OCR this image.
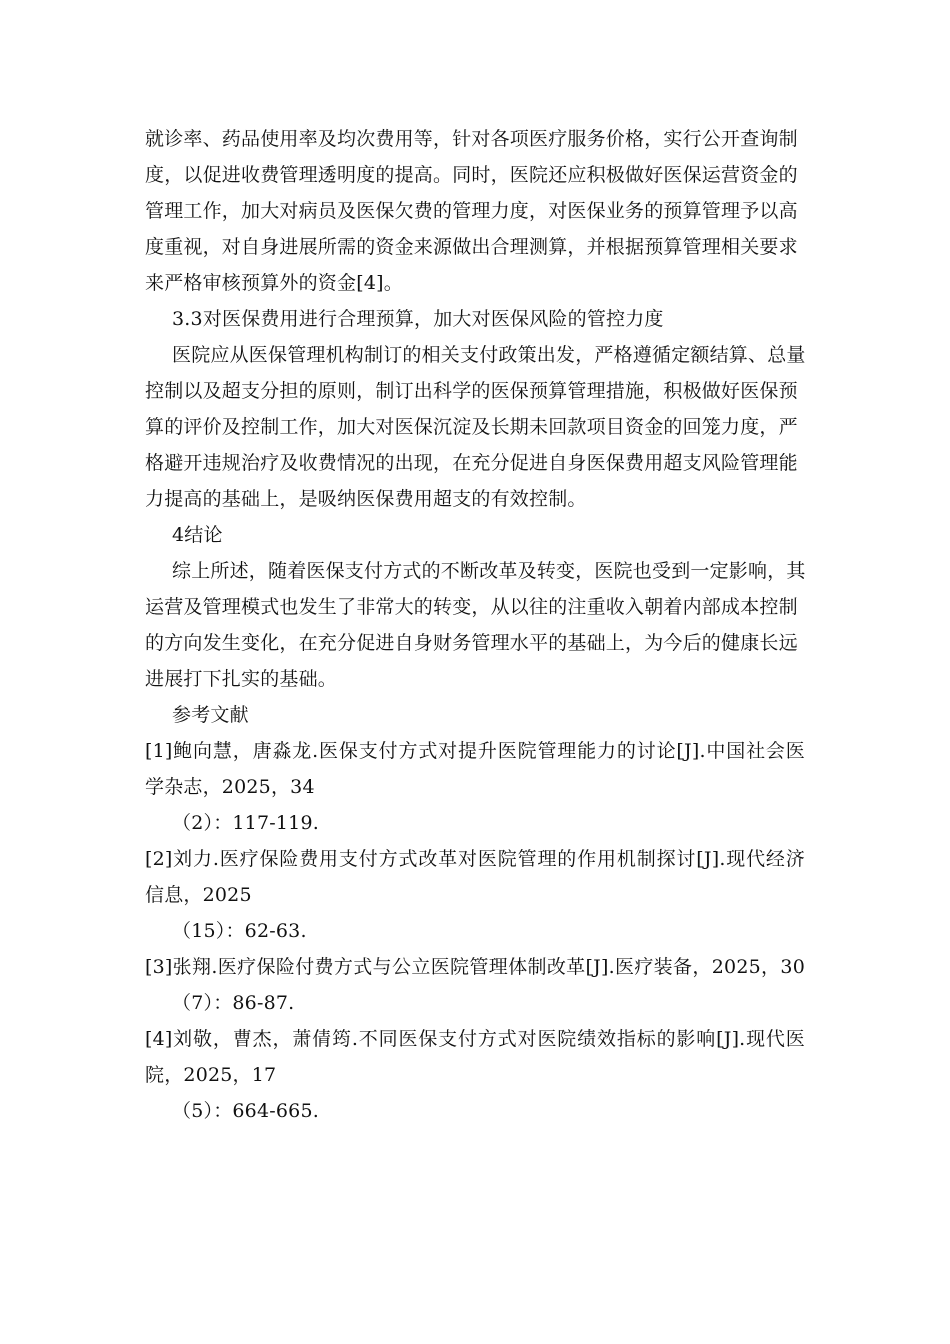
就诊率、药品使用率及均次费用等，针对各项医疗服务价格，实行公开查询制
度，以促进收费管理透明度的提高。同时，医院还应积极做好医保运营资金的
管理工作，加大对病员及医保欠费的管理力度，对医保业务的预算管理予以高
度重视，对自身进展所需的资金来源做出合理测算，并根据预算管理相关要求
来严格审核预算外的资金[4]。
3.3对医保费用进行合理预算，加大对医保风险的管控力度
医院应从医保管理机构制订的相关支付政策出发，严格遵循定额结算、总量
控制以及超支分担的原则，制订出科学的医保预算管理措施，积极做好医保预
算的评价及控制工作，加大对医保沉淀及长期未回款项目资金的回笼力度，严
格避开违规治疗及收费情况的出现，在充分促进自身医保费用超支风险管理能
力提高的基础上，是吸纳医保费用超支的有效控制。
4结论
综上所述，随着医保支付方式的不断改革及转变，医院也受到一定影响，其
运营及管理模式也发生了非常大的转变，从以往的注重收入朝着内部成本控制
的方向发生变化，在充分促进自身财务管理水平的基础上，为今后的健康长远
进展打下扎实的基础。
参考文献
[1]鲍向慧，唐淼龙.医保支付方式对提升医院管理能力的讨论[J].中国社会医
学杂志，2025，34
（2）：117-119.
[2]刘力.医疗保险费用支付方式改革对医院管理的作用机制探讨[J].现代经济
信息，2025
（15）：62-63.
[3]张翔.医疗保险付费方式与公立医院管理体制改革[J].医疗装备，2025，30
（7）：86-87.
[4]刘敬，曹杰，萧倩筠.不同医保支付方式对医院绩效指标的影响[J].现代医
院，2025，17
（5）：664-665.
